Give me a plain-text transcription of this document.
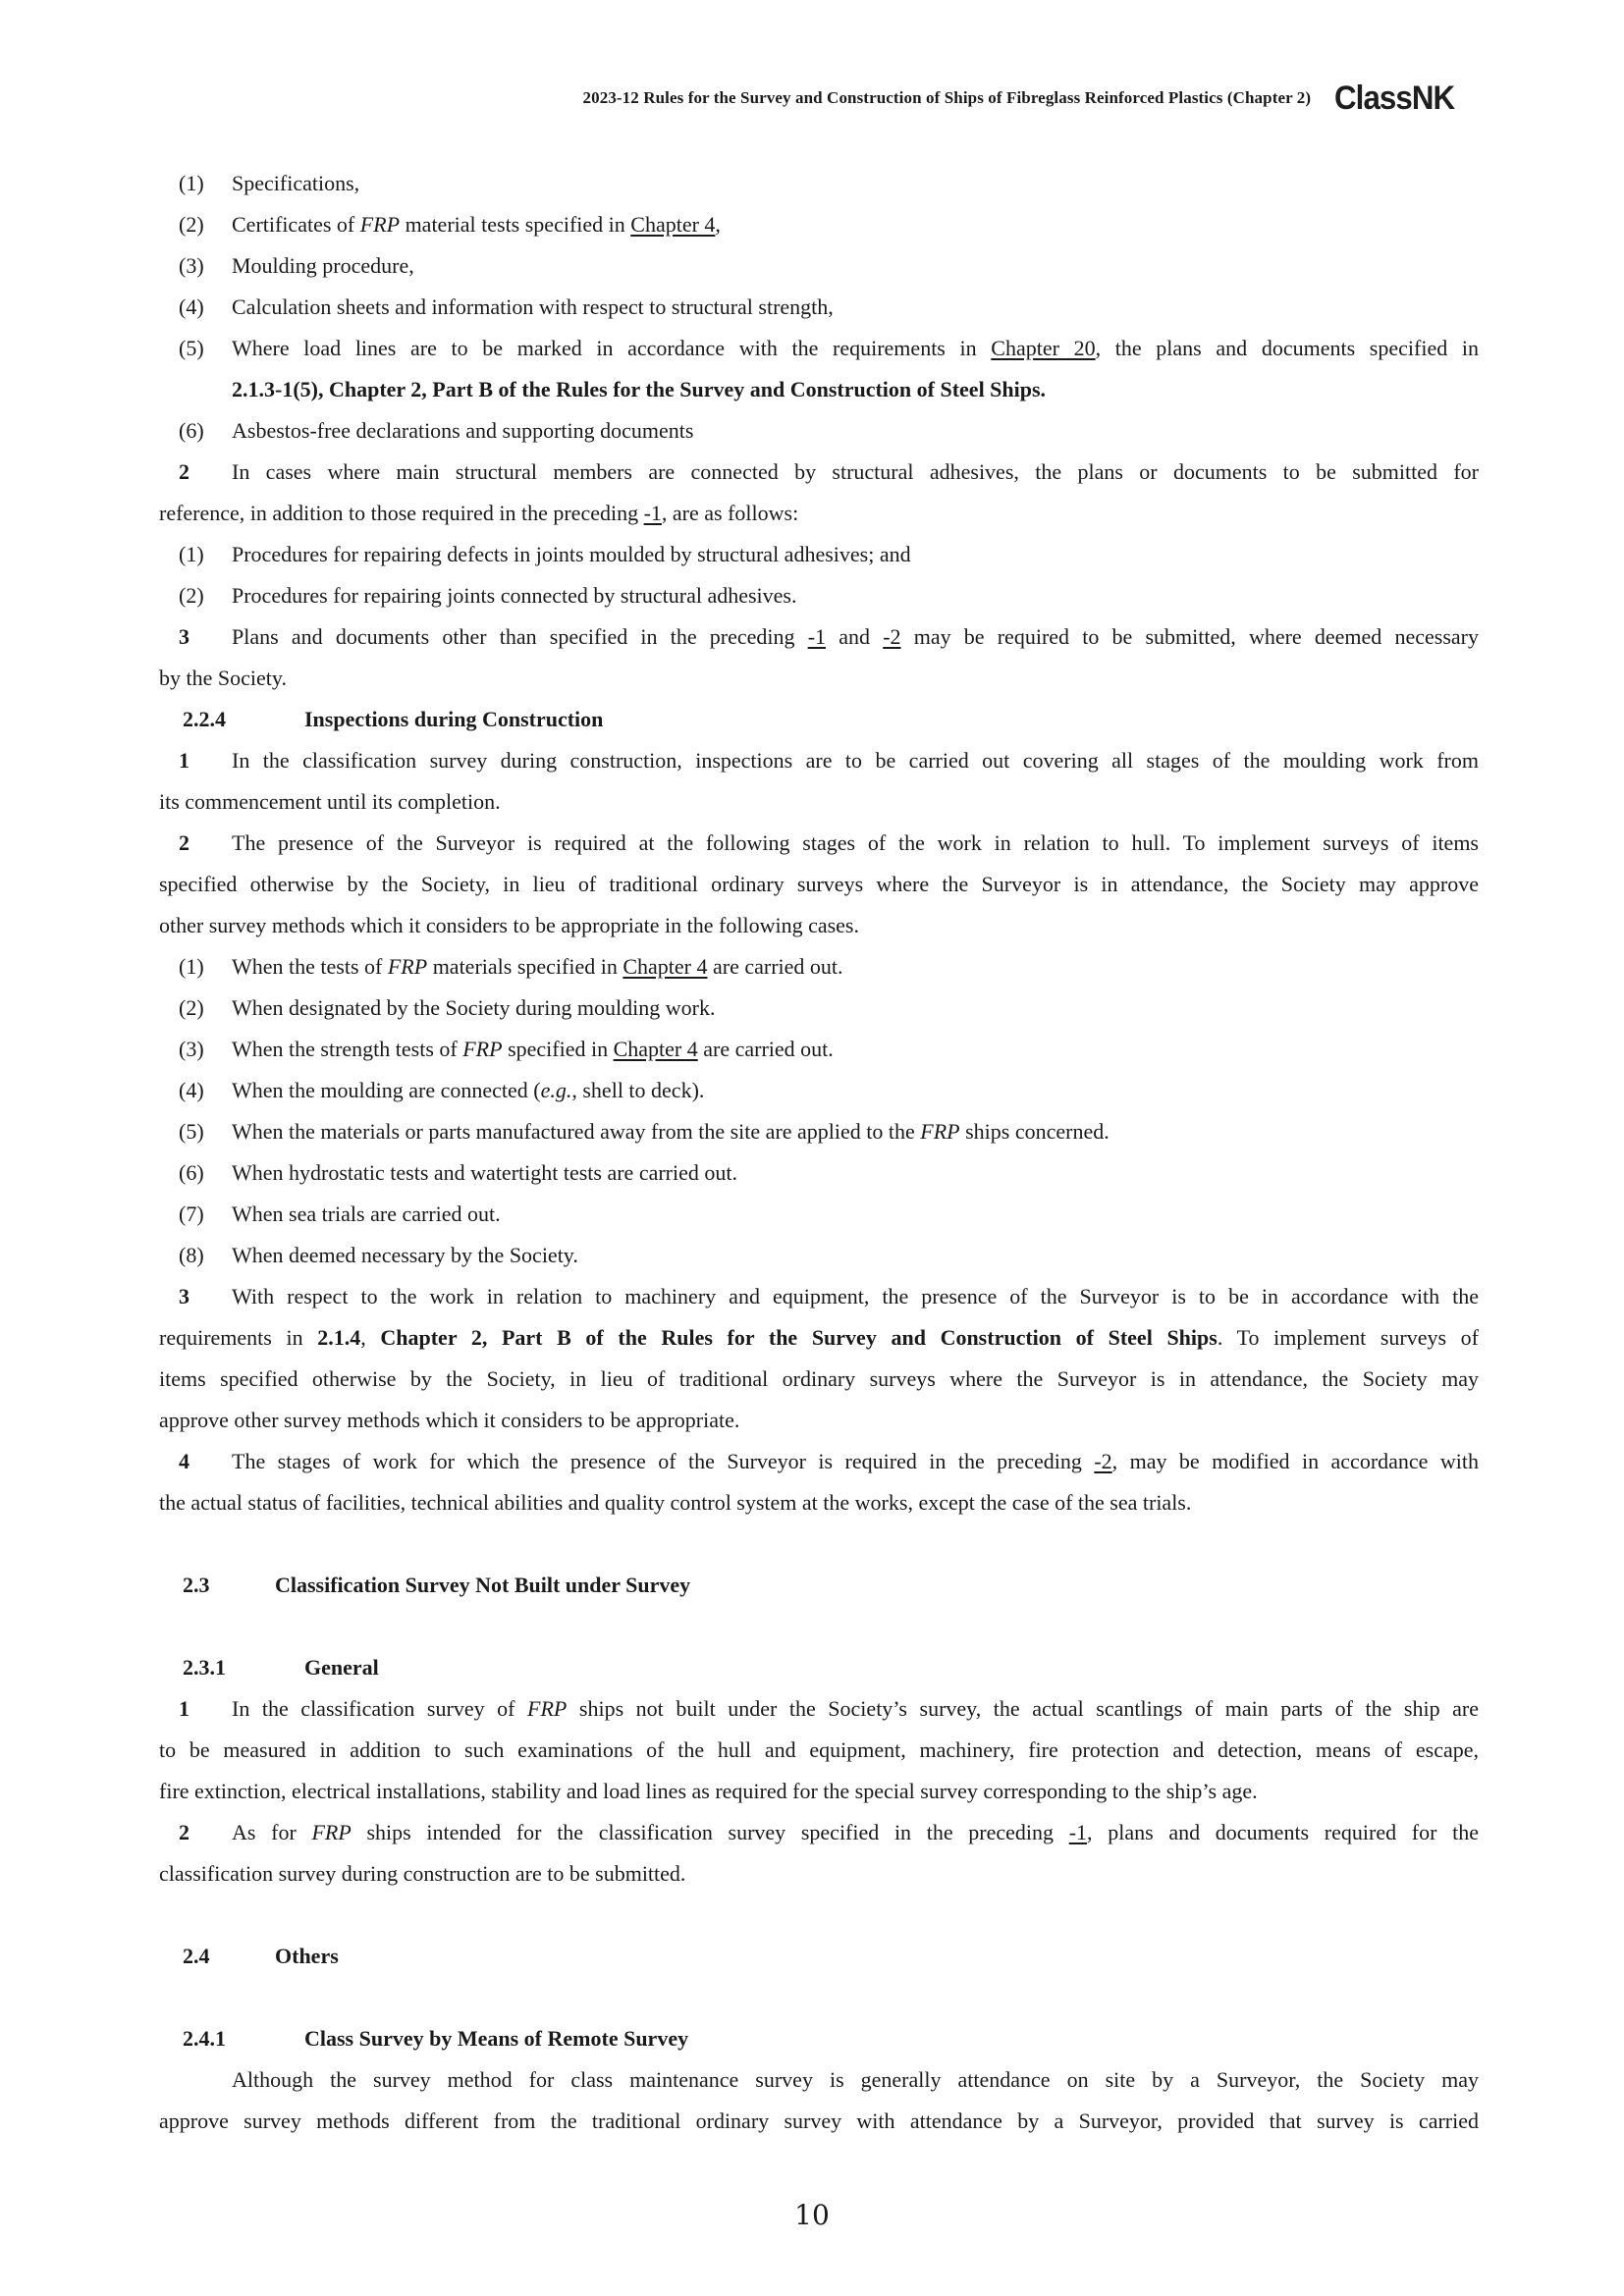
2023-12 Rules for the Survey and Construction of Ships of Fibreglass Reinforced Plastics (Chapter 2) ClassNK
(1) Specifications,
(2) Certificates of FRP material tests specified in Chapter 4,
(3) Moulding procedure,
(4) Calculation sheets and information with respect to structural strength,
(5) Where load lines are to be marked in accordance with the requirements in Chapter 20, the plans and documents specified in
2.1.3-1(5), Chapter 2, Part B of the Rules for the Survey and Construction of Steel Ships.
(6) Asbestos-free declarations and supporting documents
2 In cases where main structural members are connected by structural adhesives, the plans or documents to be submitted for
reference, in addition to those required in the preceding -1, are as follows:
(1) Procedures for repairing defects in joints moulded by structural adhesives; and
(2) Procedures for repairing joints connected by structural adhesives.
3 Plans and documents other than specified in the preceding -1 and -2 may be required to be submitted, where deemed necessary
by the Society.
2.2.4	Inspections during Construction
1 In the classification survey during construction, inspections are to be carried out covering all stages of the moulding work from
its commencement until its completion.
2 The presence of the Surveyor is required at the following stages of the work in relation to hull. To implement surveys of items
specified otherwise by the Society, in lieu of traditional ordinary surveys where the Surveyor is in attendance, the Society may approve
other survey methods which it considers to be appropriate in the following cases.
(1) When the tests of FRP materials specified in Chapter 4 are carried out.
(2) When designated by the Society during moulding work.
(3) When the strength tests of FRP specified in Chapter 4 are carried out.
(4) When the moulding are connected (e.g., shell to deck).
(5) When the materials or parts manufactured away from the site are applied to the FRP ships concerned.
(6) When hydrostatic tests and watertight tests are carried out.
(7) When sea trials are carried out.
(8) When deemed necessary by the Society.
3 With respect to the work in relation to machinery and equipment, the presence of the Surveyor is to be in accordance with the
requirements in 2.1.4, Chapter 2, Part B of the Rules for the Survey and Construction of Steel Ships. To implement surveys of
items specified otherwise by the Society, in lieu of traditional ordinary surveys where the Surveyor is in attendance, the Society may
approve other survey methods which it considers to be appropriate.
4 The stages of work for which the presence of the Surveyor is required in the preceding -2, may be modified in accordance with
the actual status of facilities, technical abilities and quality control system at the works, except the case of the sea trials.
2.3	Classification Survey Not Built under Survey
2.3.1	General
1 In the classification survey of FRP ships not built under the Society’s survey, the actual scantlings of main parts of the ship are
to be measured in addition to such examinations of the hull and equipment, machinery, fire protection and detection, means of escape,
fire extinction, electrical installations, stability and load lines as required for the special survey corresponding to the ship’s age.
2 As for FRP ships intended for the classification survey specified in the preceding -1, plans and documents required for the
classification survey during construction are to be submitted.
2.4	Others
2.4.1	Class Survey by Means of Remote Survey
Although the survey method for class maintenance survey is generally attendance on site by a Surveyor, the Society may
approve survey methods different from the traditional ordinary survey with attendance by a Surveyor, provided that survey is carried
10
